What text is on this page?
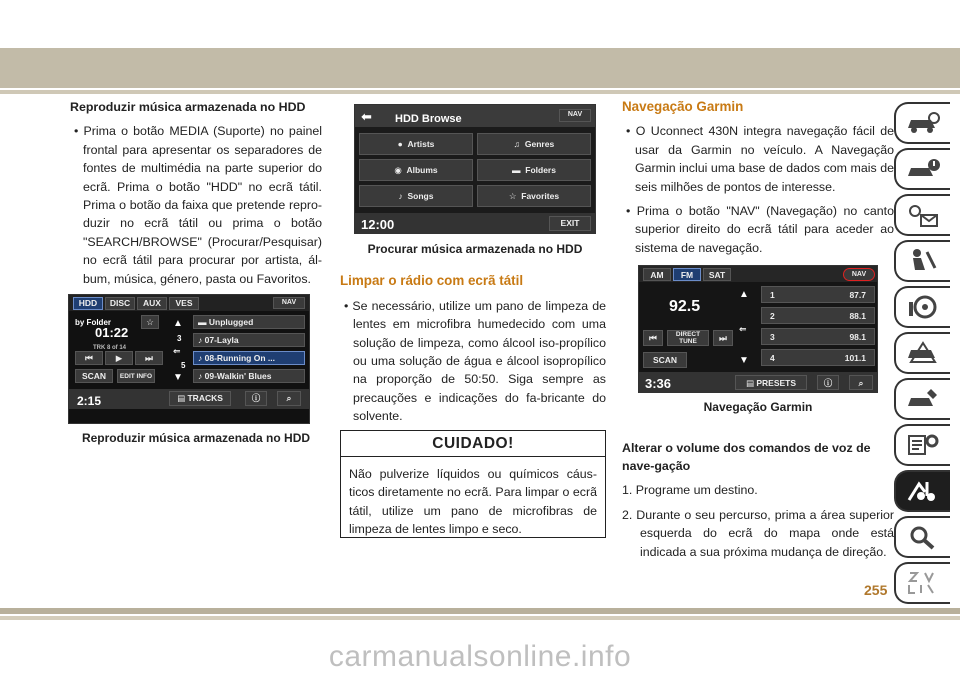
Reproduzir música armazenada no HDD
• Prima o botão MEDIA (Suporte) no painel frontal para apresentar os separadores de fontes de multimédia na parte superior do ecrã. Prima o botão "HDD" no ecrã tátil. Prima o botão da faixa que pretende repro-duzir no ecrã tátil ou prima o botão "SEARCH/BROWSE" (Procurar/Pesquisar) no ecrã tátil para procurar por artista, ál-bum, música, género, pasta ou Favoritos.
HDD	DISC	AUX	VES	NAV
by Folder
01:22
TRK 8 of 14
☆	▲
3
⇐
5
▼
▬ Unplugged
♪ 07-Layla
♪ 08-Running On ...
♪ 09-Walkin' Blues
⏮	▶	⏭
SCAN	EDIT INFO
2:15	▤ TRACKS	ⓘ	⌕
Reproduzir música armazenada no HDD
⬅ HDD Browse	NAV
● Artists	♫ Genres
◉ Albums	▬ Folders
♪ Songs	☆ Favorites
12:00	EXIT
Procurar música armazenada no HDD
Limpar o rádio com ecrã tátil
• Se necessário, utilize um pano de limpeza de lentes em microfibra humedecido com uma solução de limpeza, como álcool iso-propílico ou uma solução de água e álcool isopropílico na proporção de 50:50. Siga sempre as precauções e indicações do fa-bricante do solvente.
CUIDADO!
Não pulverize líquidos ou químicos cáus-ticos diretamente no ecrã. Para limpar o ecrã tátil, utilize um pano de microfibras de limpeza de lentes limpo e seco.
Navegação Garmin
• O Uconnect 430N integra navegação fácil de usar da Garmin no veículo. A Navegação Garmin inclui uma base de dados com mais de seis milhões de pontos de interesse.
• Prima o botão "NAV" (Navegação) no canto superior direito do ecrã tátil para aceder ao sistema de navegação.
AM	FM	SAT	NAV
92.5
▲
⇐
▼
⏮	DIRECT TUNE	⏭
SCAN
1	87.7
2	88.1
3	98.1
4	101.1
3:36	▤ PRESETS	ⓘ	⌕
Navegação Garmin
Alterar o volume dos comandos de voz de nave-gação
1. Programe um destino.
2. Durante o seu percurso, prima a área superior esquerda do ecrã do mapa onde está indicada a sua próxima mudança de direção.
255
carmanualsonline.info
